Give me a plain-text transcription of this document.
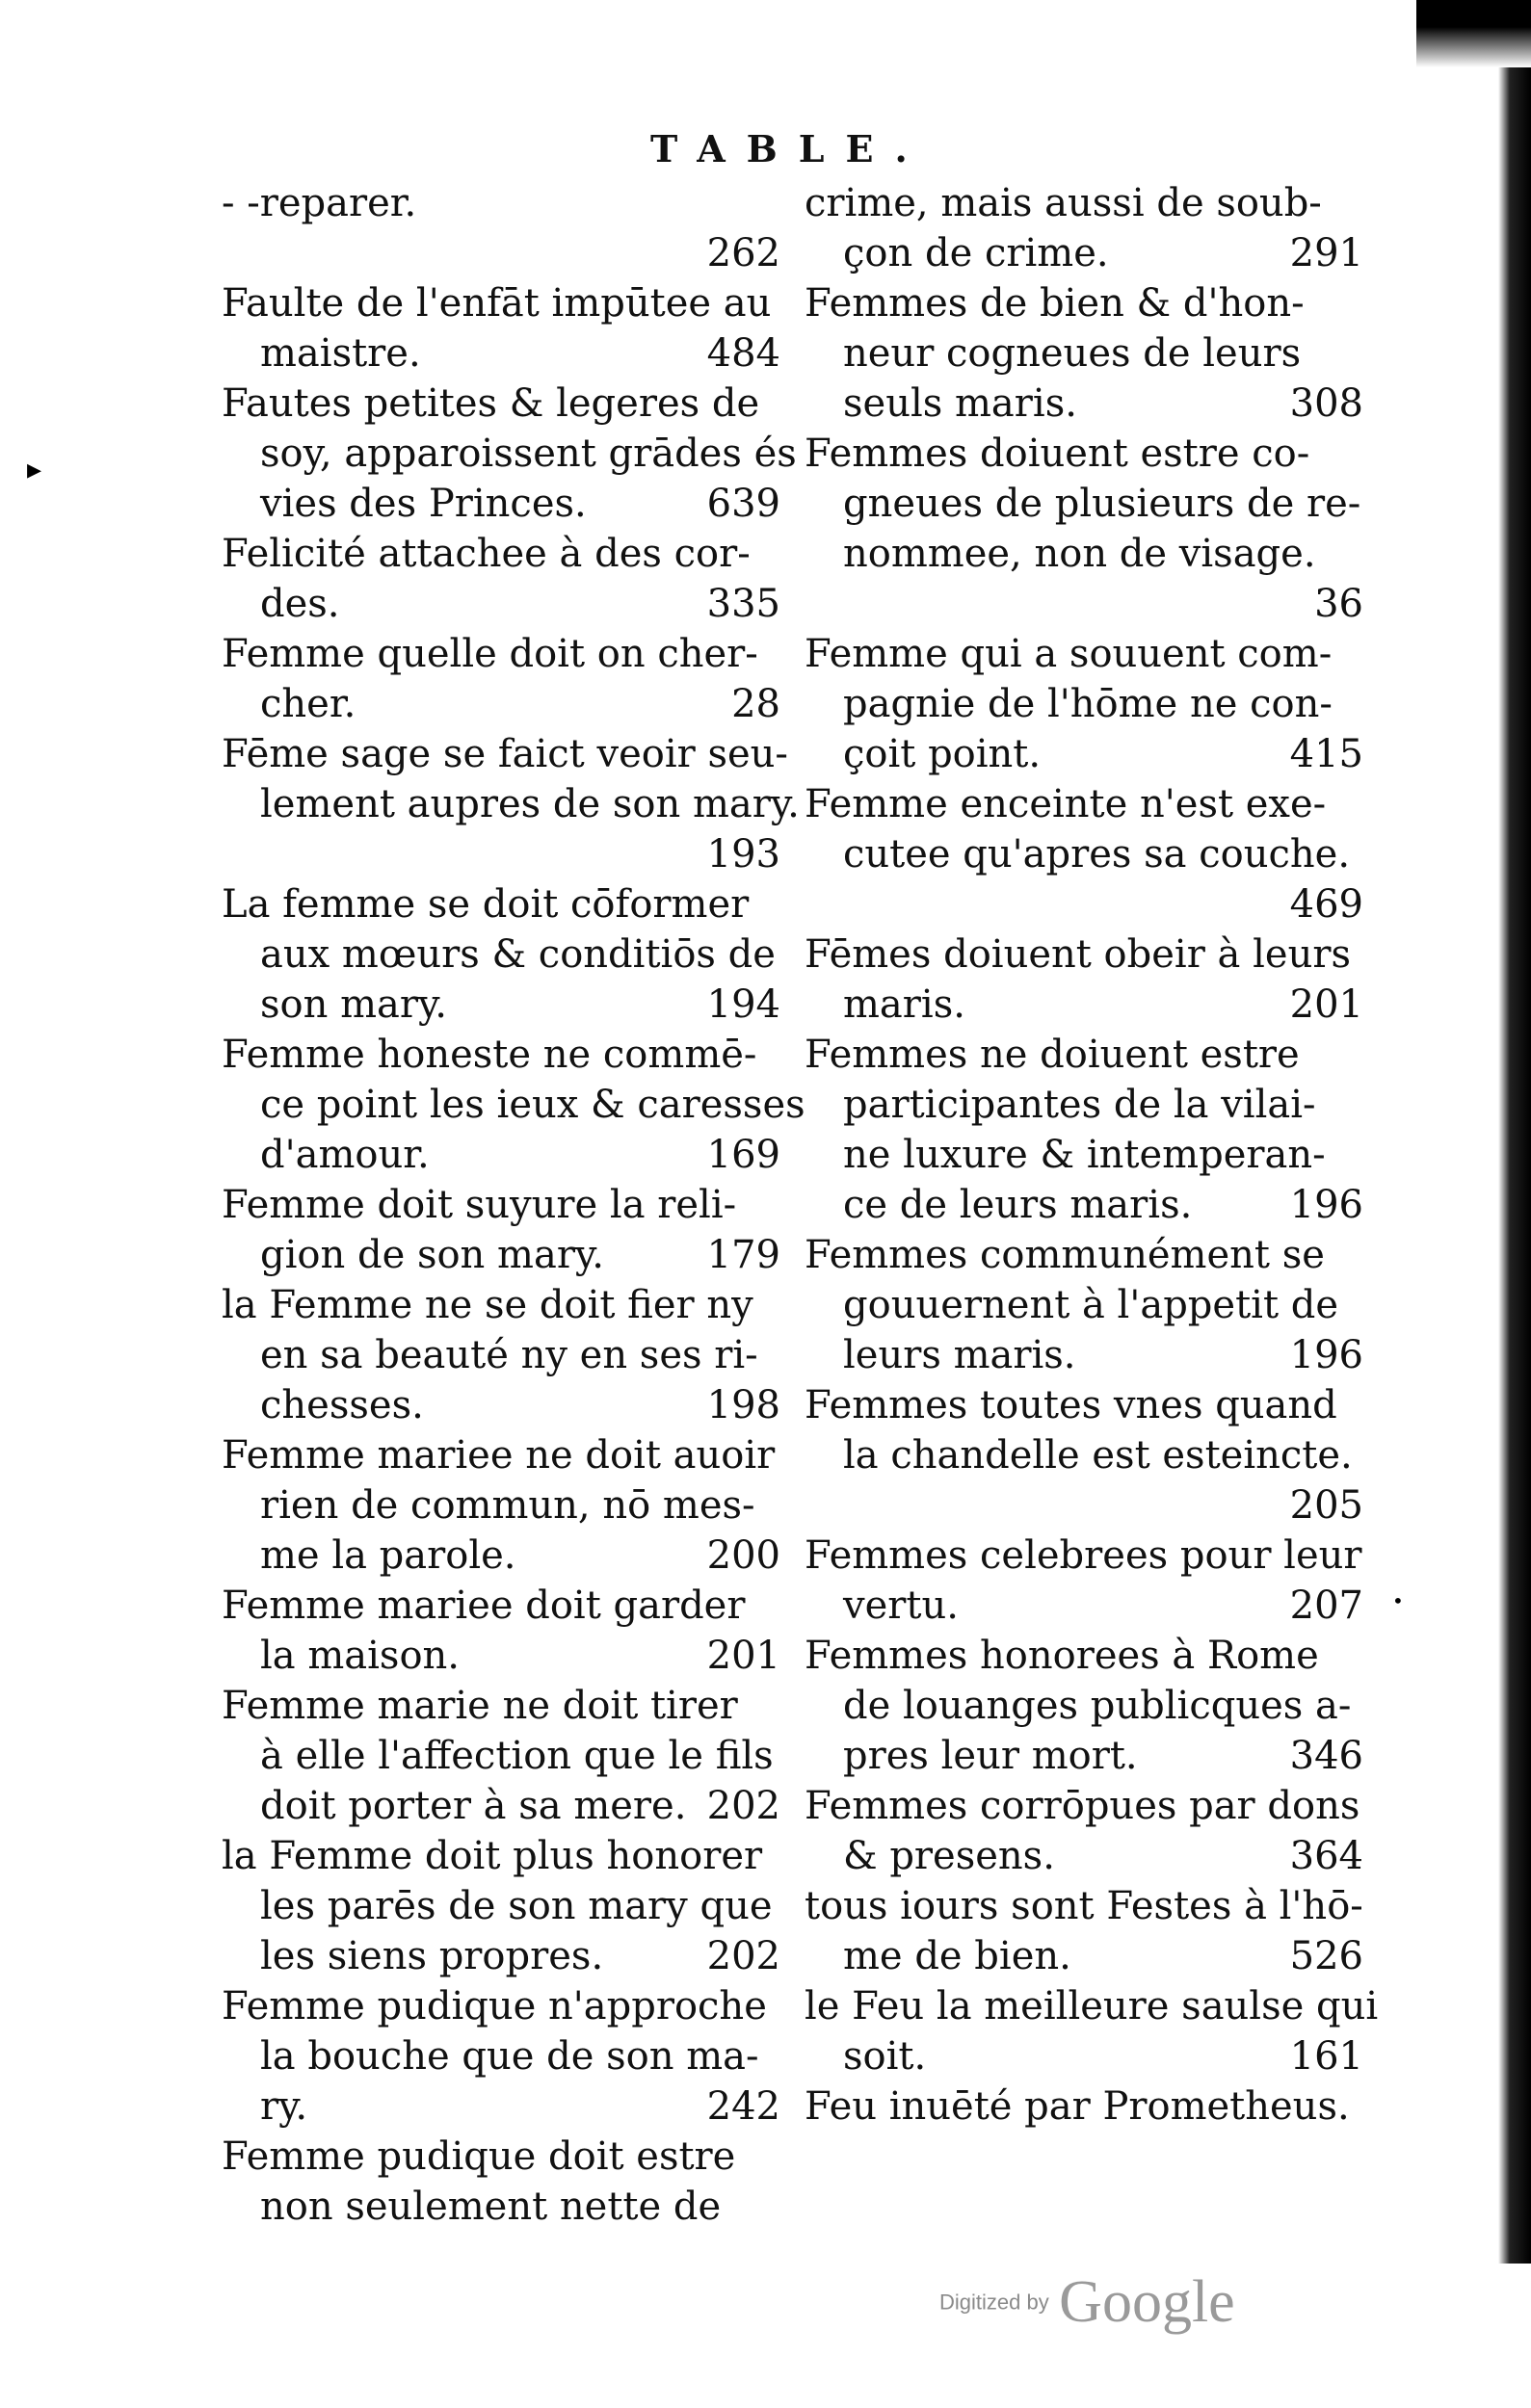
TABLE.
- -reparer.
262
Faulte de l'enfāt impūtee au
maistre.	484
Fautes petites & legeres de
soy, apparoissent grādes és
vies des Princes.	639
Felicité attachee à des cor-
des.	335
Femme quelle doit on cher-
cher.	28
Fēme sage se faict veoir seu-
lement aupres de son mary.
193
La femme se doit cōformer
aux mœurs & conditiōs de
son mary.	194
Femme honeste ne commē-
ce point les ieux & caresses
d'amour.	169
Femme doit suyure la reli-
gion de son mary.	179
la Femme ne se doit fier ny
en sa beauté ny en ses ri-
chesses.	198
Femme mariee ne doit auoir
rien de commun, nō mes-
me la parole.	200
Femme mariee doit garder
la maison.	201
Femme marie ne doit tirer
à elle l'affection que le fils
doit porter à sa mere. 202
la Femme doit plus honorer
les parēs de son mary que
les siens propres.	202
Femme pudique n'approche
la bouche que de son ma-
ry.	242
Femme pudique doit estre
non seulement nette de
crime, mais aussi de soub-
çon de crime.	291
Femmes de bien & d'hon-
neur cogneues de leurs
seuls maris.	308
Femmes doiuent estre co-
gneues de plusieurs de re-
nommee, non de visage.
36
Femme qui a souuent com-
pagnie de l'hōme ne con-
çoit point.	415
Femme enceinte n'est exe-
cutee qu'apres sa couche.
469
Fēmes doiuent obeir à leurs
maris.	201
Femmes ne doiuent estre
participantes de la vilai-
ne luxure & intemperan-
ce de leurs maris.	196
Femmes communément se
gouuernent à l'appetit de
leurs maris.	196
Femmes toutes vnes quand
la chandelle est esteincte.
205
Femmes celebrees pour leur
vertu.	207
Femmes honorees à Rome
de louanges publicques a-
pres leur mort.	346
Femmes corrōpues par dons
& presens.	364
tous iours sont Festes à l'hō-
me de bien.	526
le Feu la meilleure saulse qui
soit.	161
Feu inuēté par Prometheus.
▸
•
Digitized by Google
